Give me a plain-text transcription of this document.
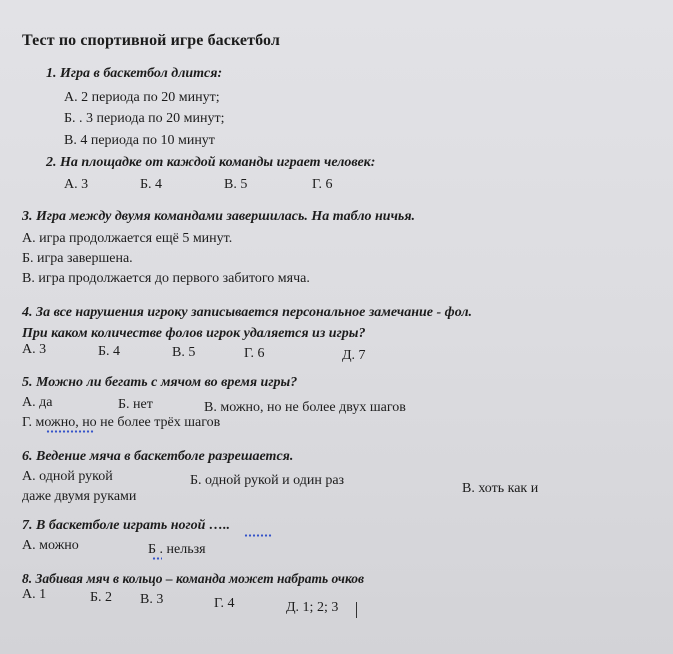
Тест по спортивной игре баскетбол
1. Игра в баскетбол длится:
А. 2 периода по 20 минут;
Б. . 3 периода по 20 минут;
В. 4 периода по 10 минут
2. На площадке от каждой команды играет человек:
А. 3	Б. 4	В. 5	Г. 6
3. Игра между двумя командами завершилась. На табло ничья.
А. игра продолжается ещё 5 минут.
Б. игра завершена.
В. игра продолжается до первого забитого мяча.
4. За все нарушения игроку записывается персональное замечание - фол.
При каком количестве фолов игрок удаляется из игры?
А. 3	Б. 4	В. 5	Г. 6	Д. 7
5. Можно ли бегать с мячом во время игры?
А. да	Б. нет	В. можно, но не более двух шагов
Г. можно, но не более трёх шагов
6. Ведение мяча в баскетболе разрешается.
А. одной рукой	Б. одной рукой и один раз
В. хоть как и
даже двумя руками
7. В баскетболе играть ногой …..
А. можно	Б . нельзя
8. Забивая мяч в кольцо – команда может набрать очков
А. 1	Б. 2 В. 3	Г. 4	Д. 1; 2; 3
